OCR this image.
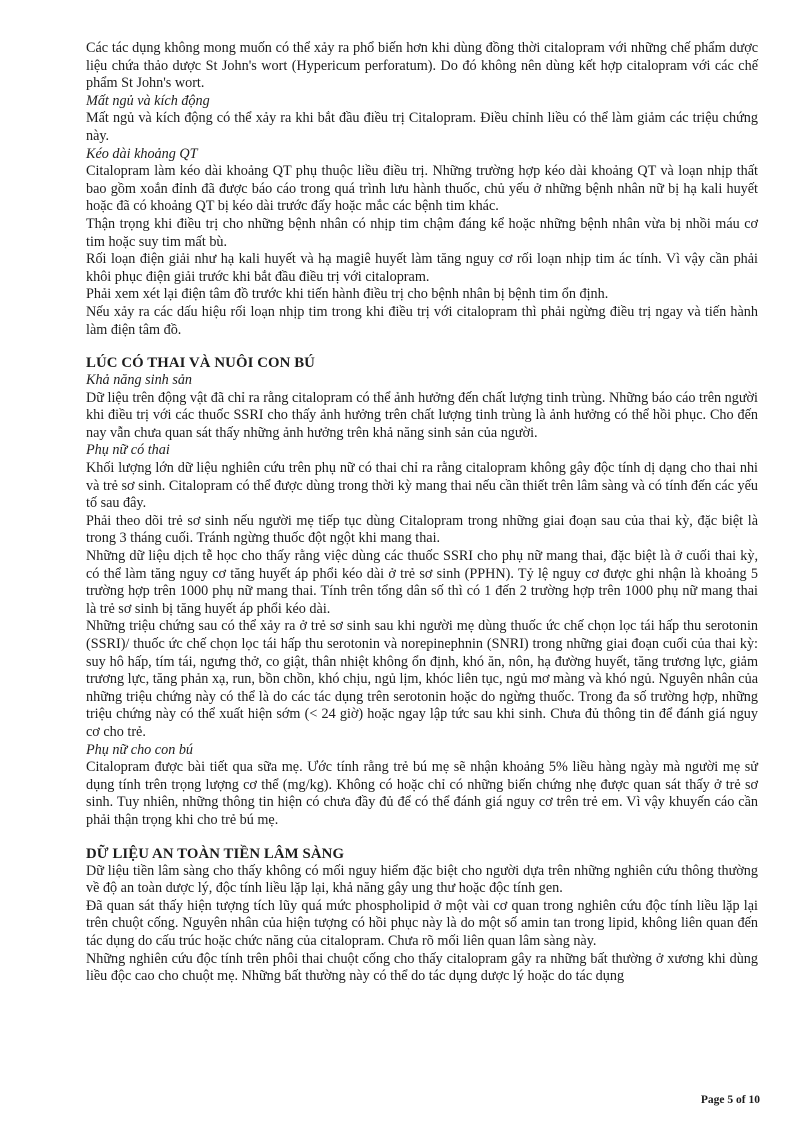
Các tác dụng không mong muốn có thể xảy ra phổ biến hơn khi dùng đồng thời citalopram với những chế phẩm dược liệu chứa thảo dược St John's wort (Hypericum perforatum). Do đó không nên dùng kết hợp citalopram với các chế phẩm St John's wort.

Mất ngủ và kích động

Mất ngủ và kích động có thể xảy ra khi bắt đầu điều trị Citalopram. Điều chỉnh liều có thể làm giảm các triệu chứng này.

Kéo dài khoảng QT

Citalopram làm kéo dài khoảng QT phụ thuộc liều điều trị. Những trường hợp kéo dài khoảng QT và loạn nhịp thất bao gồm xoắn đỉnh đã được báo cáo trong quá trình lưu hành thuốc, chủ yếu ở những bệnh nhân nữ bị hạ kali huyết hoặc đã có khoảng QT bị kéo dài trước đấy hoặc mắc các bệnh tim khác.

Thận trọng khi điều trị cho những bệnh nhân có nhịp tim chậm đáng kể hoặc những bệnh nhân vừa bị nhồi máu cơ tim hoặc suy tim mất bù.

Rối loạn điện giải như hạ kali huyết và hạ magiê huyết làm tăng nguy cơ rối loạn nhịp tim ác tính. Vì vậy cần phải khôi phục điện giải trước khi bắt đầu điều trị với citalopram.

Phải xem xét lại điện tâm đồ trước khi tiến hành điều trị cho bệnh nhân bị bệnh tim ổn định.

Nếu xảy ra các dấu hiệu rối loạn nhịp tim trong khi điều trị với citalopram thì phải ngừng điều trị ngay và tiến hành làm điện tâm đồ.

LÚC CÓ THAI VÀ NUÔI CON BÚ

Khả năng sinh sản

Dữ liệu trên động vật đã chỉ ra rằng citalopram có thể ảnh hưởng đến chất lượng tinh trùng. Những báo cáo trên người khi điều trị với các thuốc SSRI cho thấy ảnh hưởng trên chất lượng tinh trùng là ảnh hưởng có thể hồi phục. Cho đến nay vẫn chưa quan sát thấy những ảnh hưởng trên khả năng sinh sản của người.

Phụ nữ có thai

Khối lượng lớn dữ liệu nghiên cứu trên phụ nữ có thai chỉ ra rằng citalopram không gây độc tính dị dạng cho thai nhi và trẻ sơ sinh. Citalopram có thể được dùng trong thời kỳ mang thai nếu cần thiết trên lâm sàng và có tính đến các yếu tố sau đây.

Phải theo dõi trẻ sơ sinh nếu người mẹ tiếp tục dùng Citalopram trong những giai đoạn sau của thai kỳ, đặc biệt là trong 3 tháng cuối. Tránh ngừng thuốc đột ngột khi mang thai.

Những dữ liệu dịch tễ học cho thấy rằng việc dùng các thuốc SSRI cho phụ nữ mang thai, đặc biệt là ở cuối thai kỳ, có thể làm tăng nguy cơ tăng huyết áp phổi kéo dài ở trẻ sơ sinh (PPHN). Tỷ lệ nguy cơ được ghi nhận là khoảng 5 trường hợp trên 1000 phụ nữ mang thai. Tính trên tổng dân số thì có 1 đến 2 trường hợp trên 1000 phụ nữ mang thai là trẻ sơ sinh bị tăng huyết áp phổi kéo dài.

Những triệu chứng sau có thể xảy ra ở trẻ sơ sinh sau khi người mẹ dùng thuốc ức chế chọn lọc tái hấp thu serotonin (SSRI)/ thuốc ức chế chọn lọc tái hấp thu serotonin và norepinephnin (SNRI) trong những giai đoạn cuối của thai kỳ: suy hô hấp, tím tái, ngưng thở, co giật, thân nhiệt không ổn định, khó ăn, nôn, hạ đường huyết, tăng trương lực, giảm trương lực, tăng phản xạ, run, bồn chồn, khó chịu, ngủ lịm, khóc liên tục, ngủ mơ màng và khó ngủ. Nguyên nhân của những triệu chứng này có thể là do các tác dụng trên serotonin hoặc do ngừng thuốc. Trong đa số trường hợp, những triệu chứng này có thể xuất hiện sớm (< 24 giờ) hoặc ngay lập tức sau khi sinh. Chưa đủ thông tin để đánh giá nguy cơ cho trẻ.

Phụ nữ cho con bú

Citalopram được bài tiết qua sữa mẹ. Ước tính rằng trẻ bú mẹ sẽ nhận khoảng 5% liều hàng ngày mà người mẹ sử dụng tính trên trọng lượng cơ thể (mg/kg). Không có hoặc chỉ có những biến chứng nhẹ được quan sát thấy ở trẻ sơ sinh. Tuy nhiên, những thông tin hiện có chưa đầy đủ để có thể đánh giá nguy cơ trên trẻ em. Vì vậy khuyến cáo cần phải thận trọng khi cho trẻ bú mẹ.

DỮ LIỆU AN TOÀN TIỀN LÂM SÀNG

Dữ liệu tiền lâm sàng cho thấy không có mối nguy hiểm đặc biệt cho người dựa trên những nghiên cứu thông thường về độ an toàn dược lý, độc tính liều lặp lại, khả năng gây ung thư hoặc độc tính gen.

Đã quan sát thấy hiện tượng tích lũy quá mức phospholipid ở một vài cơ quan trong nghiên cứu độc tính liều lặp lại trên chuột cống. Nguyên nhân của hiện tượng có hồi phục này là do một số amin tan trong lipid, không liên quan đến tác dụng do cấu trúc hoặc chức năng của citalopram. Chưa rõ mối liên quan lâm sàng này.

Những nghiên cứu độc tính trên phôi thai chuột cống cho thấy citalopram gây ra những bất thường ở xương khi dùng liều độc cao cho chuột mẹ. Những bất thường này có thể do tác dụng dược lý hoặc do tác dụng

Page 5 of 10
